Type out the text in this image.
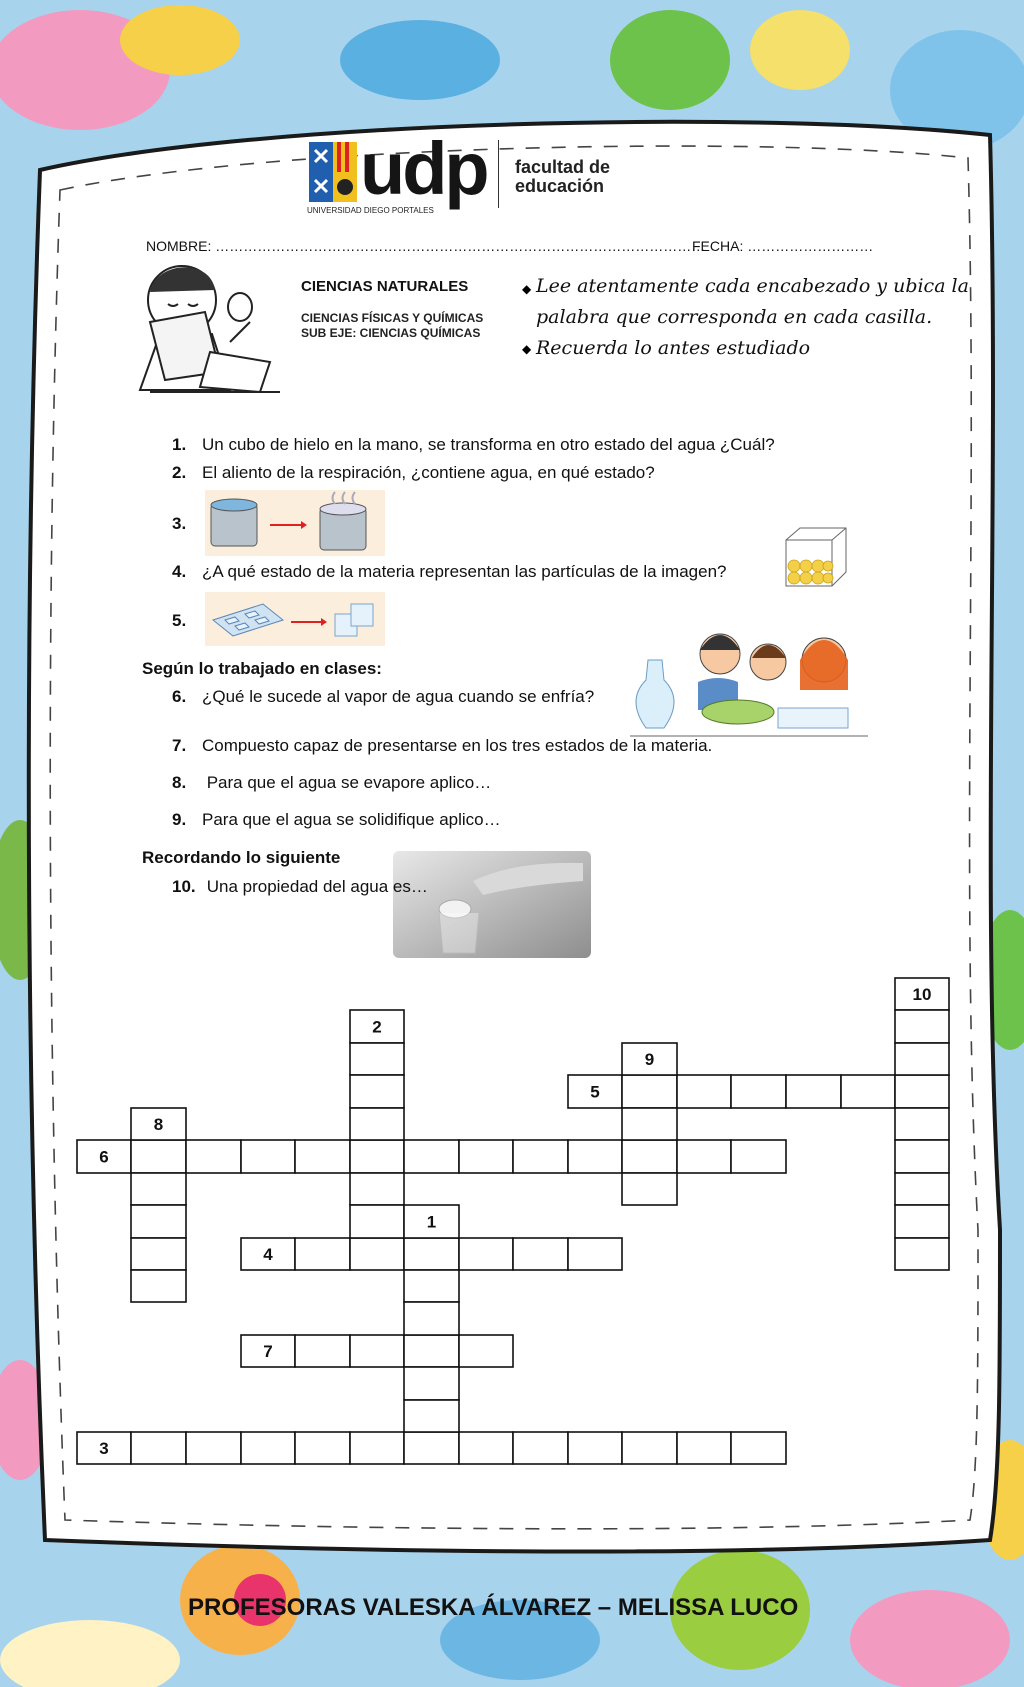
udp facultad de
educación
UNIVERSIDAD DIEGO PORTALES
NOMBRE: ……………………………………………………………………………………………
FECHA: ………………………
CIENCIAS NATURALES
CIENCIAS FÍSICAS Y QUÍMICAS
SUB EJE: CIENCIAS QUÍMICAS
◆ Lee atentamente cada encabezado y ubica la
palabra que corresponda en cada casilla.
◆ Recuerda lo antes estudiado
1. Un cubo de hielo en la mano, se transforma en otro estado del agua ¿Cuál?
2. El aliento de la respiración, ¿contiene agua, en qué estado?
3.
4. ¿A qué estado de la materia representan las partículas de la imagen?
5.
Según lo trabajado en clases:
6. ¿Qué le sucede al vapor de agua cuando se enfría?
7. Compuesto capaz de presentarse en los tres estados de la materia.
8. Para que el agua se evapore aplico…
9. Para que el agua se solidifique aplico…
Recordando lo siguiente
10. Una propiedad del agua es…
5
6
4
7
3
2
9
8
10
1
PROFESORAS VALESKA ÁLVAREZ – MELISSA LUCO
